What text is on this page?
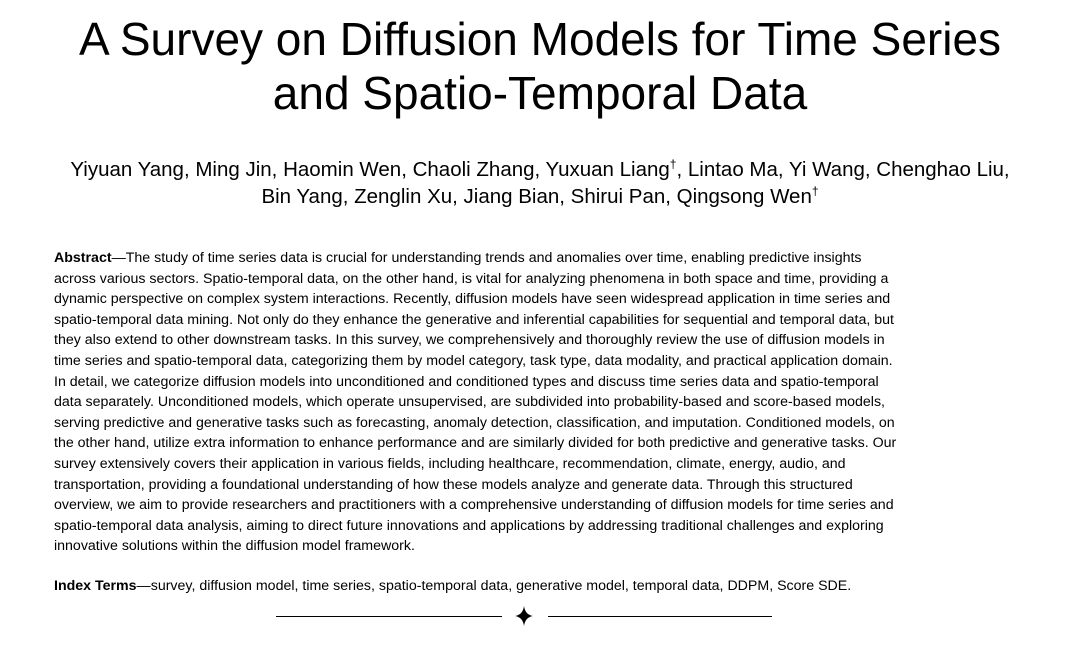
A Survey on Diffusion Models for Time Series
and Spatio-Temporal Data
Yiyuan Yang, Ming Jin, Haomin Wen, Chaoli Zhang, Yuxuan Liang†, Lintao Ma, Yi Wang, Chenghao Liu,
Bin Yang, Zenglin Xu, Jiang Bian, Shirui Pan, Qingsong Wen†
Abstract—The study of time series data is crucial for understanding trends and anomalies over time, enabling predictive insights
across various sectors. Spatio-temporal data, on the other hand, is vital for analyzing phenomena in both space and time, providing a
dynamic perspective on complex system interactions. Recently, diffusion models have seen widespread application in time series and
spatio-temporal data mining. Not only do they enhance the generative and inferential capabilities for sequential and temporal data, but
they also extend to other downstream tasks. In this survey, we comprehensively and thoroughly review the use of diffusion models in
time series and spatio-temporal data, categorizing them by model category, task type, data modality, and practical application domain.
In detail, we categorize diffusion models into unconditioned and conditioned types and discuss time series data and spatio-temporal
data separately. Unconditioned models, which operate unsupervised, are subdivided into probability-based and score-based models,
serving predictive and generative tasks such as forecasting, anomaly detection, classification, and imputation. Conditioned models, on
the other hand, utilize extra information to enhance performance and are similarly divided for both predictive and generative tasks. Our
survey extensively covers their application in various fields, including healthcare, recommendation, climate, energy, audio, and
transportation, providing a foundational understanding of how these models analyze and generate data. Through this structured
overview, we aim to provide researchers and practitioners with a comprehensive understanding of diffusion models for time series and
spatio-temporal data analysis, aiming to direct future innovations and applications by addressing traditional challenges and exploring
innovative solutions within the diffusion model framework.
Index Terms—survey, diffusion model, time series, spatio-temporal data, generative model, temporal data, DDPM, Score SDE.
